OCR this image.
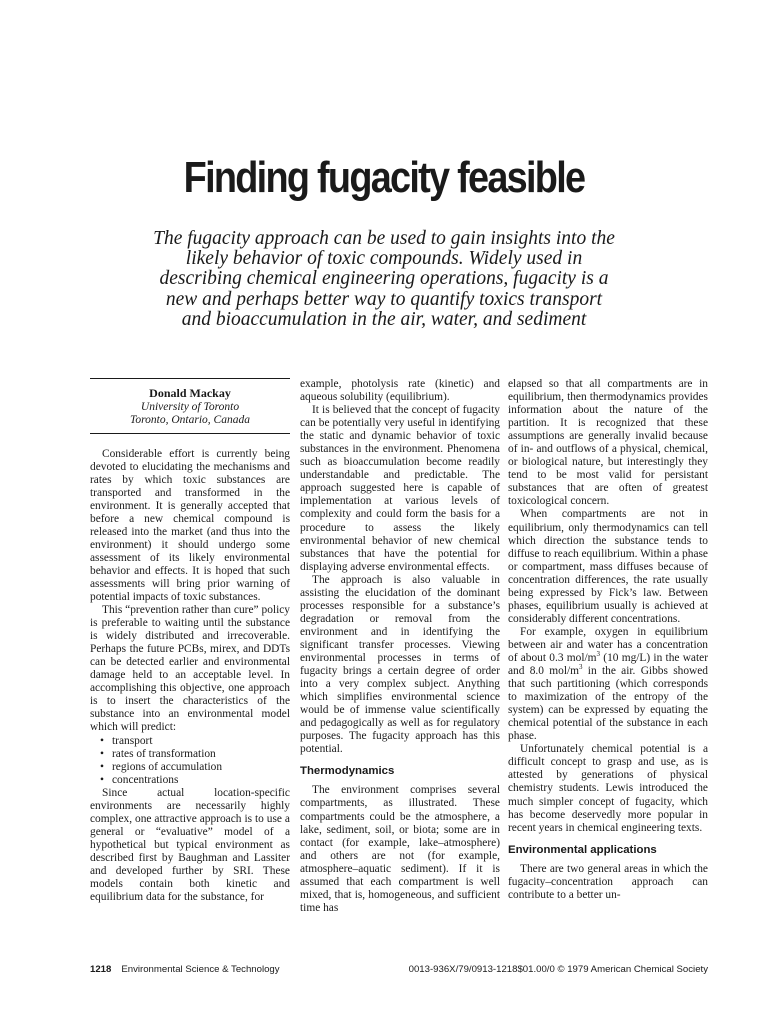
Finding fugacity feasible
The fugacity approach can be used to gain insights into the likely behavior of toxic compounds. Widely used in describing chemical engineering operations, fugacity is a new and perhaps better way to quantify toxics transport and bioaccumulation in the air, water, and sediment
Donald Mackay
University of Toronto
Toronto, Ontario, Canada

Considerable effort is currently being devoted to elucidating the mechanisms and rates by which toxic substances are transported and transformed in the environment. It is generally accepted that before a new chemical compound is released into the market (and thus into the environment) it should undergo some assessment of its likely environmental behavior and effects. It is hoped that such assessments will bring prior warning of potential impacts of toxic substances.

This “prevention rather than cure” policy is preferable to waiting until the substance is widely distributed and irrecoverable. Perhaps the future PCBs, mirex, and DDTs can be detected earlier and environmental damage held to an acceptable level. In accomplishing this objective, one approach is to insert the characteristics of the substance into an environmental model which will predict:

• transport
• rates of transformation
• regions of accumulation
• concentrations

Since actual location-specific environments are necessarily highly complex, one attractive approach is to use a general or “evaluative” model of a hypothetical but typical environment as described first by Baughman and Lassiter and developed further by SRI. These models contain both kinetic and equilibrium data for the substance, for

example, photolysis rate (kinetic) and aqueous solubility (equilibrium).

It is believed that the concept of fugacity can be potentially very useful in identifying the static and dynamic behavior of toxic substances in the environment. Phenomena such as bioaccumulation become readily understandable and predictable. The approach suggested here is capable of implementation at various levels of complexity and could form the basis for a procedure to assess the likely environmental behavior of new chemical substances that have the potential for displaying adverse environmental effects.

The approach is also valuable in assisting the elucidation of the dominant processes responsible for a substance’s degradation or removal from the environment and in identifying the significant transfer processes. Viewing environmental processes in terms of fugacity brings a certain degree of order into a very complex subject. Anything which simplifies environmental science would be of immense value scientifically and pedagogically as well as for regulatory purposes. The fugacity approach has this potential.

Thermodynamics

The environment comprises several compartments, as illustrated. These compartments could be the atmosphere, a lake, sediment, soil, or biota; some are in contact (for example, lake–atmosphere) and others are not (for example, atmosphere–aquatic sediment). If it is assumed that each compartment is well mixed, that is, homogeneous, and sufficient time has

elapsed so that all compartments are in equilibrium, then thermodynamics provides information about the nature of the partition. It is recognized that these assumptions are generally invalid because of in- and outflows of a physical, chemical, or biological nature, but interestingly they tend to be most valid for persistant substances that are often of greatest toxicological concern.

When compartments are not in equilibrium, only thermodynamics can tell which direction the substance tends to diffuse to reach equilibrium. Within a phase or compartment, mass diffuses because of concentration differences, the rate usually being expressed by Fick’s law. Between phases, equilibrium usually is achieved at considerably different concentrations.

For example, oxygen in equilibrium between air and water has a concentration of about 0.3 mol/$m^3$ (10 mg/L) in the water and 8.0 mol/$m^3$ in the air. Gibbs showed that such partitioning (which corresponds to maximization of the entropy of the system) can be expressed by equating the chemical potential of the substance in each phase.

Unfortunately chemical potential is a difficult concept to grasp and use, as is attested by generations of physical chemistry students. Lewis introduced the much simpler concept of fugacity, which has become deservedly more popular in recent years in chemical engineering texts.

Environmental applications

There are two general areas in which the fugacity–concentration approach can contribute to a better un-

1218 Environmental Science & Technology	0013-936X/79/0913-1218$01.00/0 © 1979 American Chemical Society
